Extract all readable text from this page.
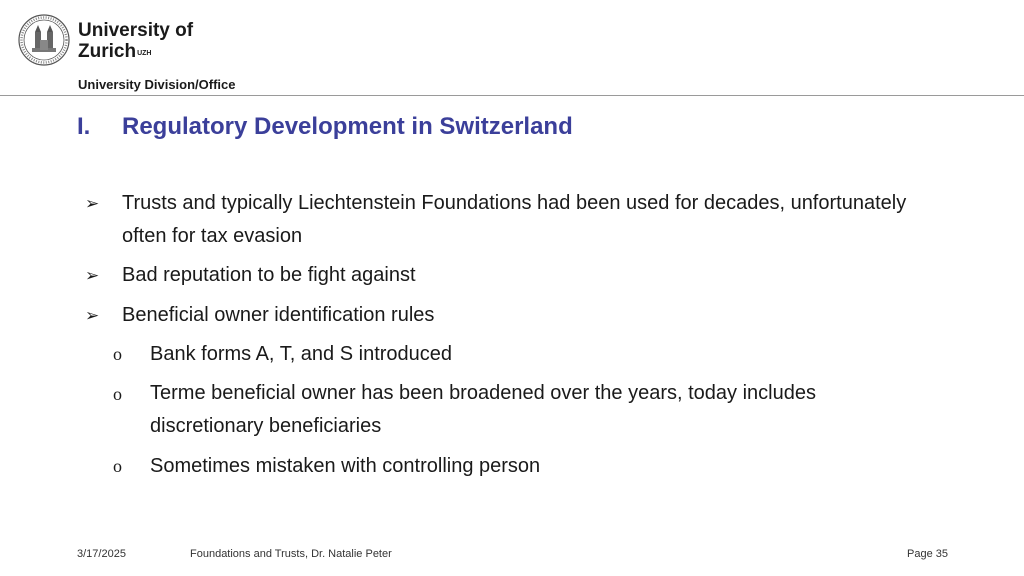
University of
Zurich$^{UZH}$
University Division/Office
I. Regulatory Development in Switzerland
➢ Trusts and typically Liechtenstein Foundations had been used for decades, unfortunately
often for tax evasion
➢ Bad reputation to be fight against
➢ Beneficial owner identification rules
o Bank forms A, T, and S introduced
o Terme beneficial owner has been broadened over the years, today includes
discretionary beneficiaries
o Sometimes mistaken with controlling person
3/17/2025	Foundations and Trusts, Dr. Natalie Peter	Page 35
